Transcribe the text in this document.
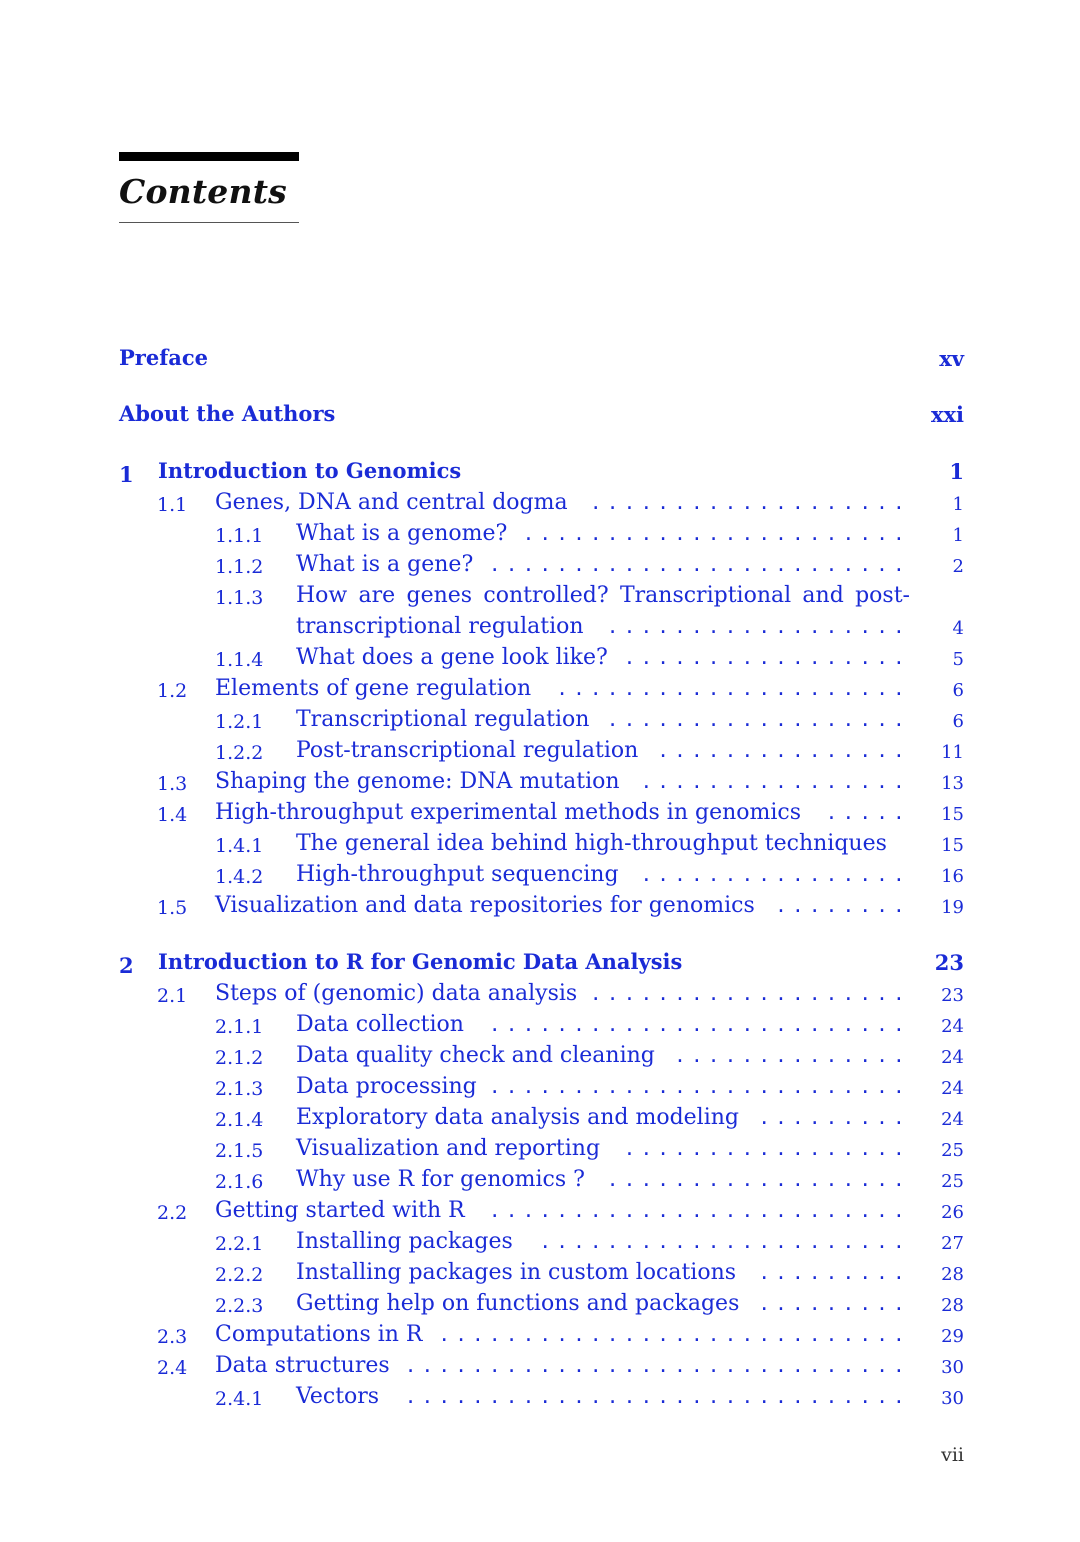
Contents
Preface	xv
About the Authors	xxi
1 Introduction to Genomics	1
1.1 Genes, DNA and central dogma	1
...................
1.1.1 What is a genome?	1
.......................
1.1.2 What is a gene?	2
.........................
1.1.3 How are genes controlled? Transcriptional and post-
transcriptional regulation	4
..................
1.1.4 What does a gene look like?	5
.................
1.2 Elements of gene regulation	6
.....................
1.2.1 Transcriptional regulation	6
..................
1.2.2 Post-transcriptional regulation	11
...............
1.3 Shaping the genome: DNA mutation	13
................
1.4 High-throughput experimental methods in genomics	15
.....
1.4.1 The general idea behind high-throughput techniques	15
1.4.2 High-throughput sequencing	16
................
1.5 Visualization and data repositories for genomics	19
........
2 Introduction to R for Genomic Data Analysis	23
2.1 Steps of (genomic) data analysis	23
...................
2.1.1 Data collection	24
.........................
2.1.2 Data quality check and cleaning	24
..............
2.1.3 Data processing	24
.........................
2.1.4 Exploratory data analysis and modeling	24
.........
2.1.5 Visualization and reporting	25
.................
2.1.6 Why use R for genomics ?	25
..................
2.2 Getting started with R	26
.........................
2.2.1 Installing packages	27
......................
2.2.2 Installing packages in custom locations	28
.........
2.2.3 Getting help on functions and packages	28
.........
2.3 Computations in R	29
............................
2.4 Data structures	30
..............................
2.4.1 Vectors	30
..............................
vii
